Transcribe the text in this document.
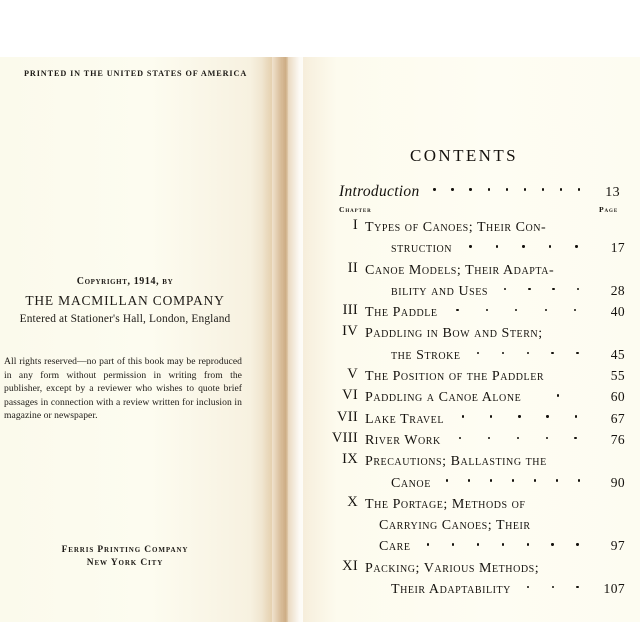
PRINTED IN THE UNITED STATES OF AMERICA
Copyright, 1914, by
THE MACMILLAN COMPANY
Entered at Stationer's Hall, London, England
All rights reserved—no part of this book may be reproduced in any form without permission in writing from the publisher, except by a reviewer who wishes to quote brief passages in connection with a review written for inclusion in magazine or newspaper.
Ferris Printing Company
New York City
CONTENTS
Introduction	13
Chapter	Page
I Types of Canoes; Their Con-
struction	17
II Canoe Models; Their Adapta-
bility and Uses	28
III The Paddle	40
IV Paddling in Bow and Stern;
the Stroke	45
V The Position of the Paddler	55
VI Paddling a Canoe Alone	60
VII Lake Travel	67
VIII River Work	76
IX Precautions; Ballasting the
Canoe	90
X The Portage; Methods of
Carrying Canoes; Their
Care	97
XI Packing; Various Methods;
Their Adaptability	107
